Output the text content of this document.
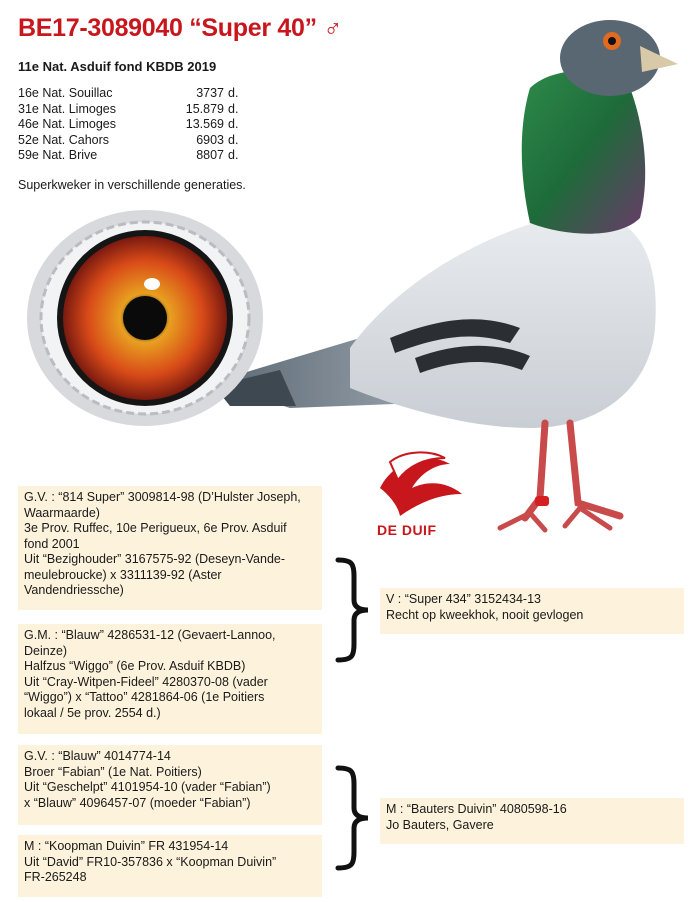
BE17-3089040 “Super 40” ♂
11e Nat. Asduif fond KBDB 2019
16e Nat. Souillac	3737 d.
31e Nat. Limoges	15.879 d.
46e Nat. Limoges	13.569 d.
52e Nat. Cahors	6903 d.
59e Nat. Brive	8807 d.
Superkweker in verschillende generaties.
DE DUIF

G.V. : “814 Super” 3009814-98 (D’Hulster Joseph,

Waarmaarde)

3e Prov. Ruffec, 10e Perigueux, 6e Prov. Asduif

fond 2001

Uit “Bezighouder” 3167575-92 (Deseyn-Vande-

meulebroucke) x 3311139-92 (Aster

Vandendriessche)

G.M. : “Blauw” 4286531-12 (Gevaert-Lannoo,

Deinze)

Halfzus “Wiggo” (6e Prov. Asduif KBDB)

Uit “Cray-Witpen-Fideel” 4280370-08 (vader

“Wiggo”) x “Tattoo” 4281864-06 (1e Poitiers

lokaal / 5e prov. 2554 d.)

V : “Super 434” 3152434-13

Recht op kweekhok, nooit gevlogen

G.V. : “Blauw” 4014774-14

Broer “Fabian” (1e Nat. Poitiers)

Uit “Geschelpt” 4101954-10 (vader “Fabian”)

x “Blauw” 4096457-07 (moeder “Fabian”)

M : “Koopman Duivin” FR 431954-14

Uit “David” FR10-357836 x “Koopman Duivin”

FR-265248

M : “Bauters Duivin” 4080598-16

Jo Bauters, Gavere
